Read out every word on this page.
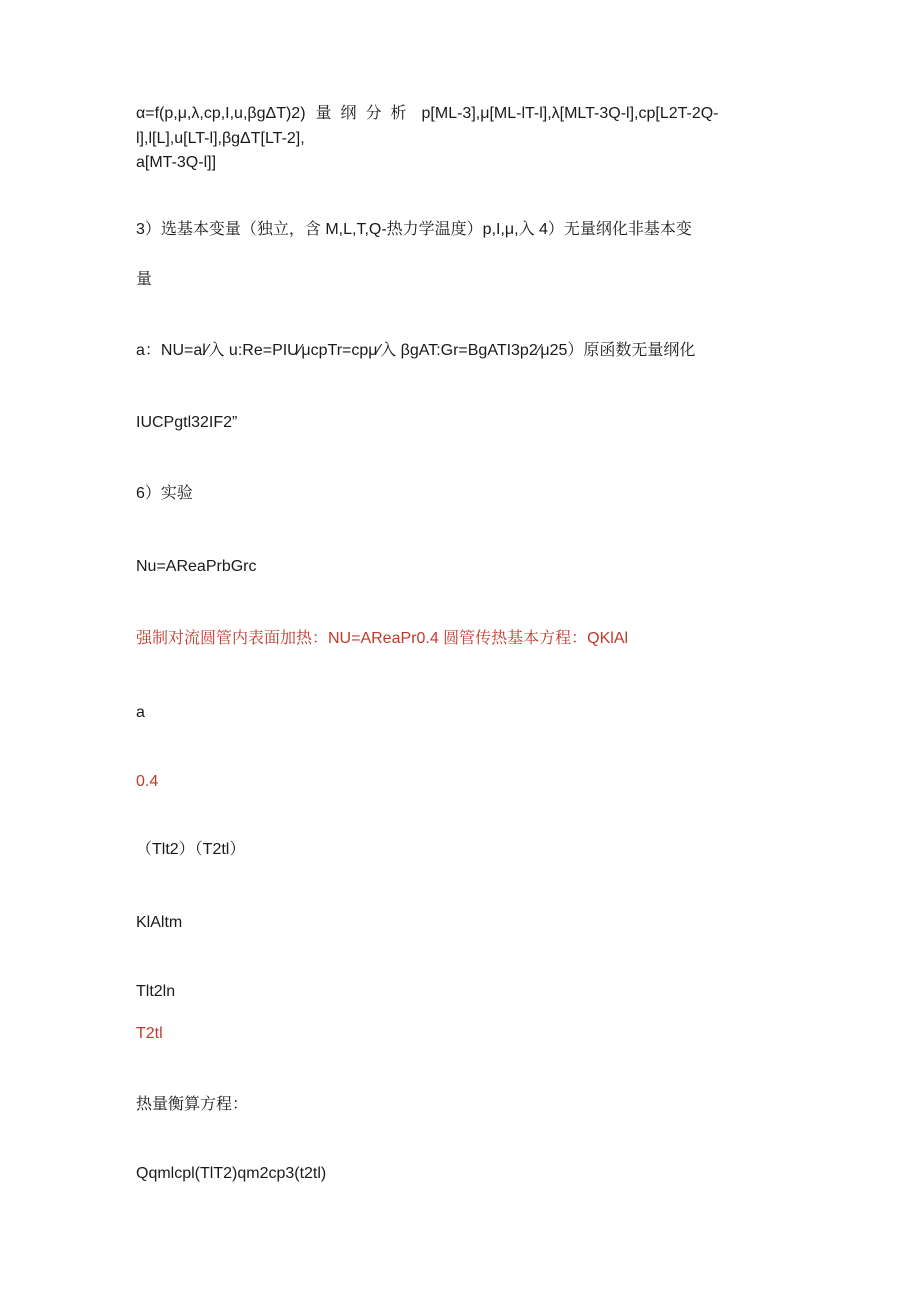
α=f(p,μ,λ,cp,I,u,βgΔT)2) 量纲分析 p[ML-3],μ[ML-lT-l],λ[MLT-3Q-l],cp[L2T-2Q-

l],l[L],u[LT-l],βgΔT[LT-2],

a[MT-3Q-l]]

3）选基本变量（独立，含 M,L,T,Q-热力学温度）p,I,μ,入 4）无量纲化非基本变

量

a：NU=al⁄入 u:Re=PIU⁄μcpTr=cpμ⁄入 βgAT:Gr=BgATI3p2⁄μ25）原函数无量纲化

IUCPgtl32IF2”

6）实验

Nu=AReaPrbGrc

强制对流圆管内表面加热：NU=AReaPr0.4 圆管传热基本方程：QKlAl

a

0.4

（Tlt2）（T2tl）

KlAltm

Tlt2ln

T2tl

热量衡算方程：

Qqmlcpl(TlT2)qm2cp3(t2tl)
